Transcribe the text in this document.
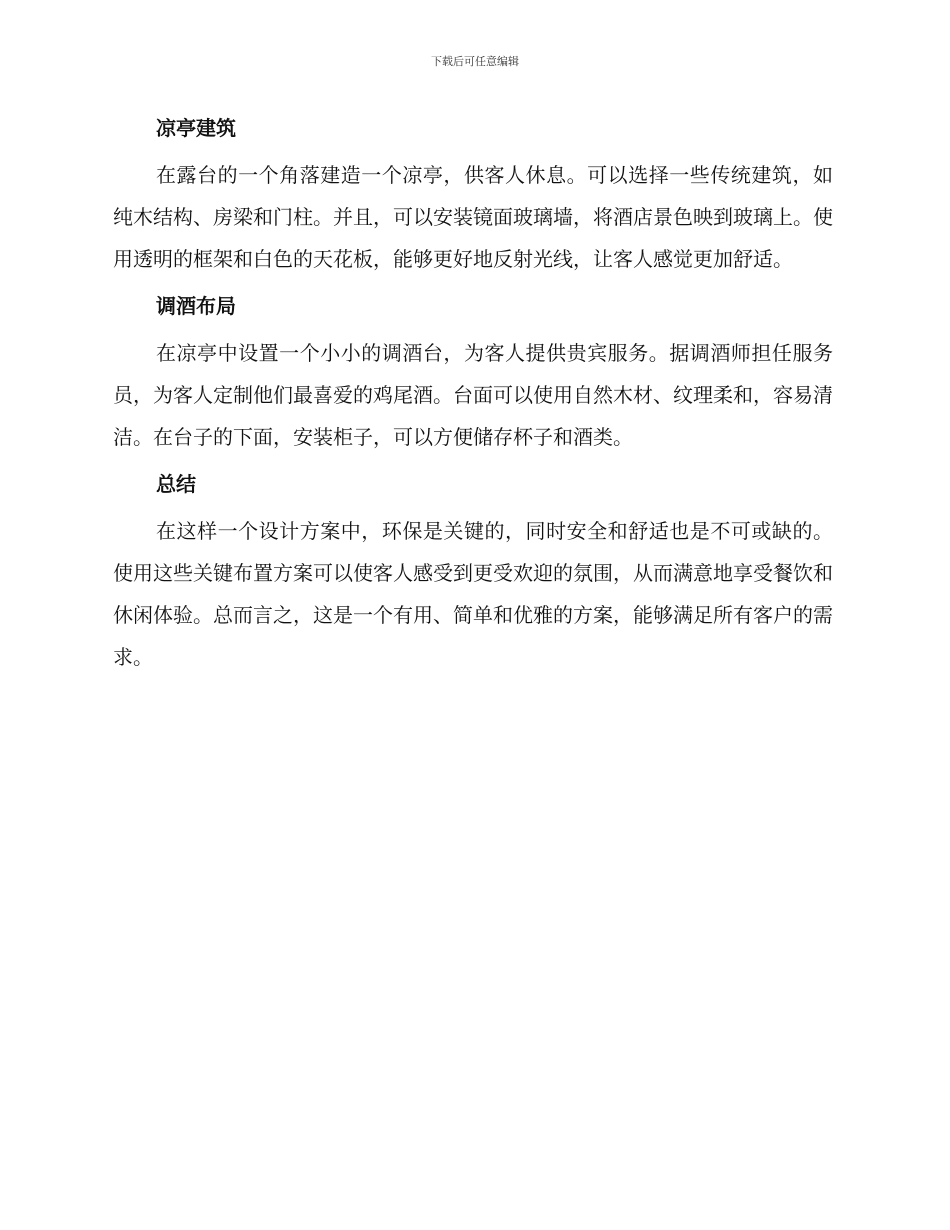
下载后可任意编辑
凉亭建筑

在露台的一个角落建造一个凉亭，供客人休息。可以选择一些传统建筑，如纯木结构、房梁和门柱。并且，可以安装镜面玻璃墙，将酒店景色映到玻璃上。使用透明的框架和白色的天花板，能够更好地反射光线，让客人感觉更加舒适。

调酒布局

在凉亭中设置一个小小的调酒台，为客人提供贵宾服务。据调酒师担任服务员，为客人定制他们最喜爱的鸡尾酒。台面可以使用自然木材、纹理柔和，容易清洁。在台子的下面，安装柜子，可以方便储存杯子和酒类。

总结

在这样一个设计方案中，环保是关键的，同时安全和舒适也是不可或缺的。使用这些关键布置方案可以使客人感受到更受欢迎的氛围，从而满意地享受餐饮和休闲体验。总而言之，这是一个有用、简单和优雅的方案，能够满足所有客户的需求。
